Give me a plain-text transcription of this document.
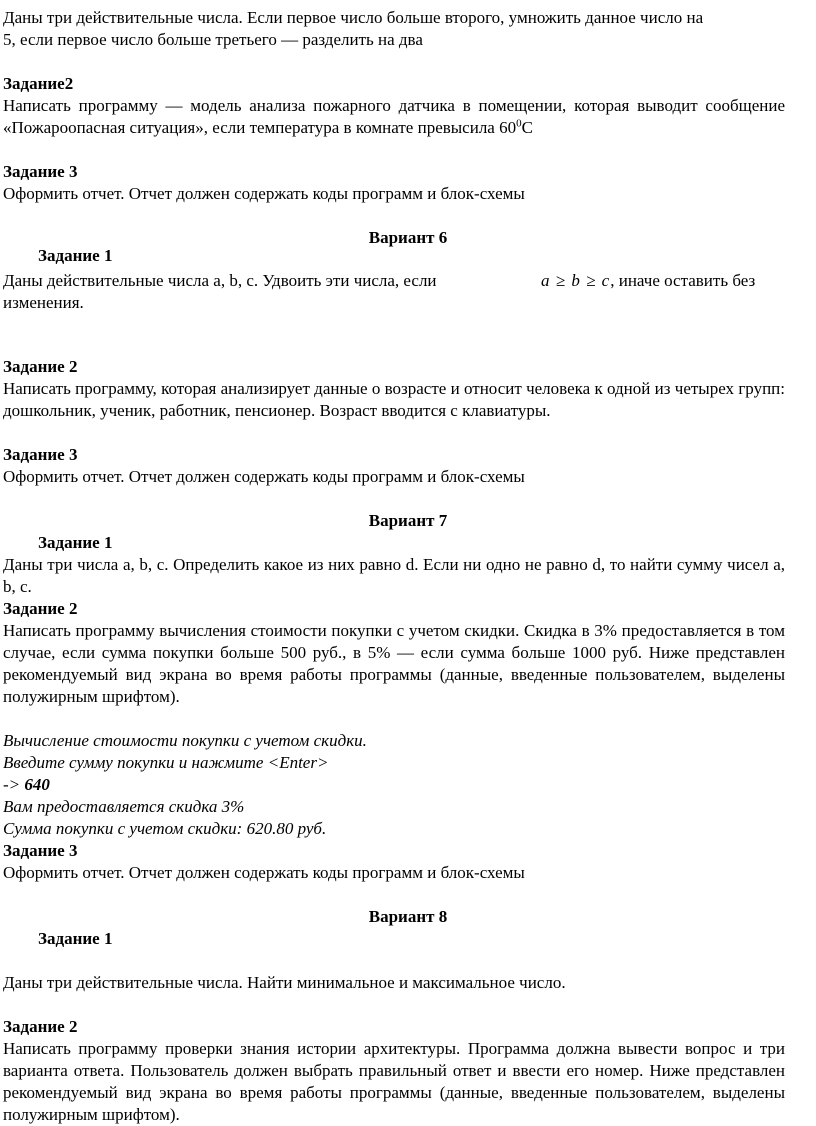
Даны три действительные числа. Если первое число больше второго, умножить данное число на

5, если первое число больше третьего — разделить на два

Задание2

Написать программу — модель анализа пожарного датчика в помещении, которая выводит сообщение «Пожароопасная ситуация», если температура в комнате превысила $60^0С$

Задание 3

Оформить отчет. Отчет должен содержать коды программ и блок-схемы

Вариант 6

Задание 1

Даны действительные числа a, b, c. Удвоить эти числа, если	a ≥ b ≥ c, иначе оставить без

изменения.

Задание 2

Написать программу, которая анализирует данные о возрасте и относит человека к одной из четырех групп: дошкольник, ученик, работник, пенсионер. Возраст вводится с клавиатуры.

Задание 3

Оформить отчет. Отчет должен содержать коды программ и блок-схемы

Вариант 7

Задание 1

Даны три числа a, b, c. Определить какое из них равно d. Если ни одно не равно d, то найти сумму чисел a, b, c.

Задание 2

Написать программу вычисления стоимости покупки с учетом скидки. Скидка в 3% предоставляется в том случае, если сумма покупки больше 500 руб., в 5% — если сумма больше 1000 руб. Ниже представлен рекомендуемый вид экрана во время работы программы (данные, введенные пользователем, выделены полужирным шрифтом).

Вычисление стоимости покупки с учетом скидки.

Введите сумму покупки и нажмите <Enter>

-> 640

Вам предоставляется скидка 3%

Сумма покупки с учетом скидки: 620.80 руб.

Задание 3

Оформить отчет. Отчет должен содержать коды программ и блок-схемы

Вариант 8

Задание 1

Даны три действительные числа. Найти минимальное и максимальное число.

Задание 2

Написать программу проверки знания истории архитектуры. Программа должна вывести вопрос и три варианта ответа. Пользователь должен выбрать правильный ответ и ввести его номер. Ниже представлен рекомендуемый вид экрана во время работы программы (данные, введенные пользователем, выделены полужирным шрифтом).
